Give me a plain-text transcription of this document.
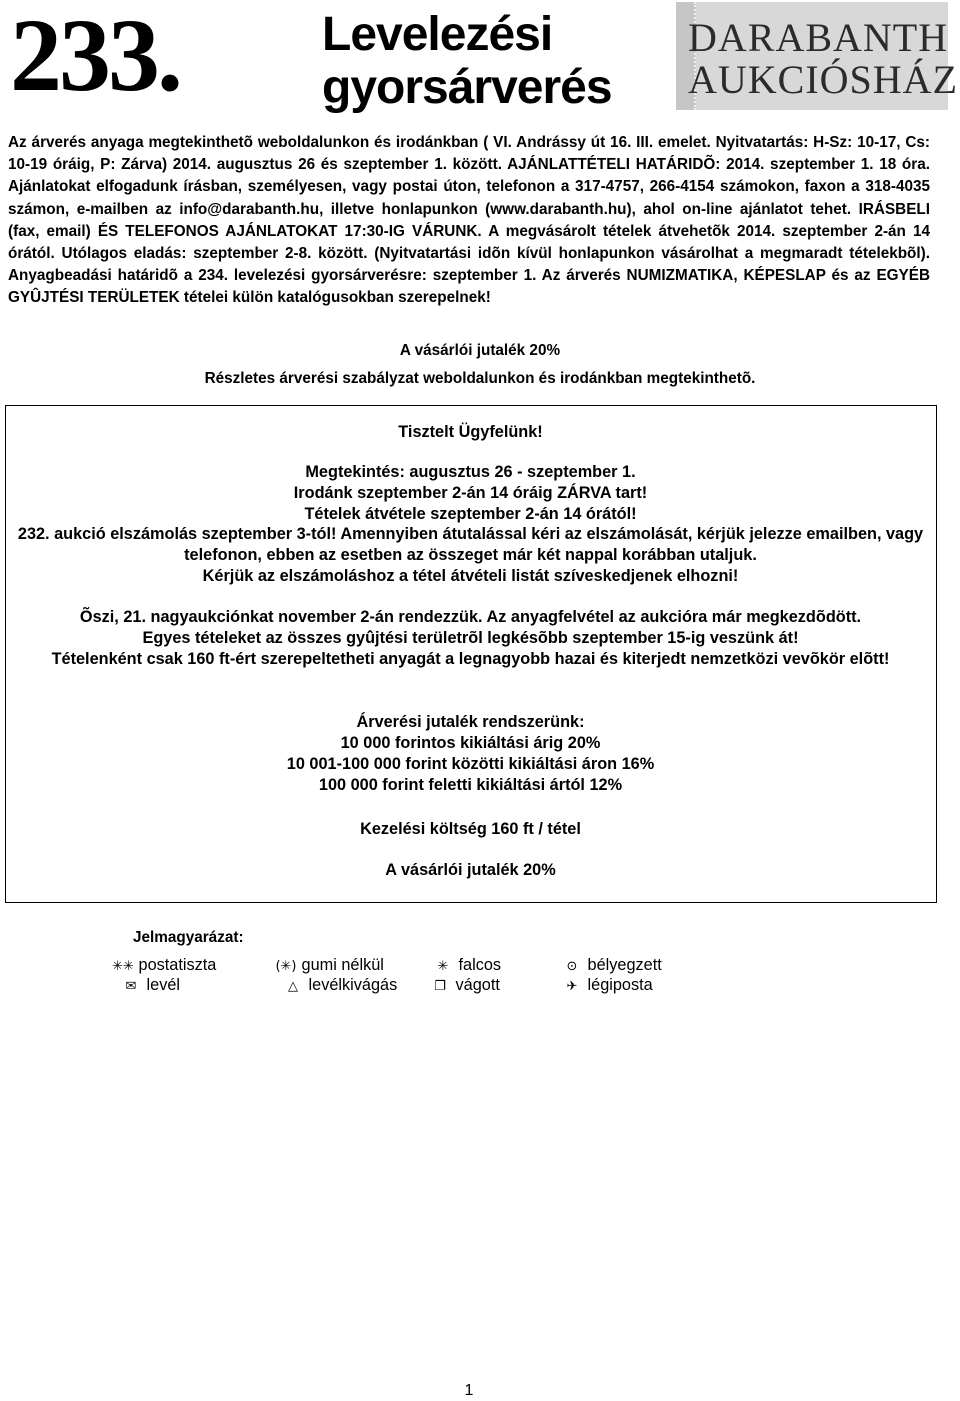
233.	Levelezési
gyorsárverés
DARABANTH
AUKCIÓSHÁZ
Az árverés anyaga megtekinthetõ weboldalunkon és irodánkban ( VI. Andrássy út 16. III. emelet. Nyitvatartás: H-Sz: 10-17, Cs: 10-19 óráig, P: Zárva) 2014. augusztus 26 és szeptember 1. között. AJÁNLATTÉTELI HATÁRIDÕ: 2014. szeptember 1. 18 óra. Ajánlatokat elfogadunk írásban, személyesen, vagy postai úton, telefonon a 317-4757, 266-4154 számokon, faxon a 318-4035 számon, e-mailben az info@darabanth.hu, illetve honlapunkon (www.darabanth.hu), ahol on-line ajánlatot tehet. IRÁSBELI (fax, email) ÉS TELEFONOS AJÁNLATOKAT 17:30-IG VÁRUNK. A megvásárolt tételek átvehetõk 2014. szeptember 2-án 14 órától. Utólagos eladás: szeptember 2-8. között. (Nyitvatartási idõn kívül honlapunkon vásárolhat a megmaradt tételekbõl). Anyagbeadási határidõ a 234. levelezési gyorsárverésre: szeptember 1. Az árverés NUMIZMATIKA, KÉPESLAP és az EGYÉB GYÛJTÉSI TERÜLETEK tételei külön katalógusokban szerepelnek!
A vásárlói jutalék 20%
Részletes árverési szabályzat weboldalunkon és irodánkban megtekinthetõ.

Tisztelt Ügyfelünk!

Megtekintés: augusztus 26 - szeptember 1.

Irodánk szeptember 2-án 14 óráig ZÁRVA tart!

Tételek átvétele szeptember 2-án 14 órától!

232. aukció elszámolás szeptember 3-tól! Amennyiben átutalással kéri az elszámolását, kérjük jelezze emailben, vagy telefonon, ebben az esetben az összeget már két nappal korábban utaljuk.

Kérjük az elszámoláshoz a tétel átvételi listát szíveskedjenek elhozni!

Õszi, 21. nagyaukciónkat november 2-án rendezzük. Az anyagfelvétel az aukcióra már megkezdõdött.

Egyes tételeket az összes gyûjtési területrõl legkésõbb szeptember 15-ig veszünk át!

Tételenként csak 160 ft-ért szerepeltetheti anyagát a legnagyobb hazai és kiterjedt nemzetközi vevõkör elõtt!

Árverési jutalék rendszerünk:

10 000 forintos kikiáltási árig 20%

10 001-100 000 forint közötti kikiáltási áron 16%

100 000 forint feletti kikiáltási ártól 12%

Kezelési költség 160 ft / tétel

A vásárlói jutalék 20%

Jelmagyarázat:
✳✳ postatiszta	(✳) gumi nélkül	✳ falcos	⊙ bélyegzett
✉ levél	△ levélkivágás	❐ vágott	✈ légiposta
1
